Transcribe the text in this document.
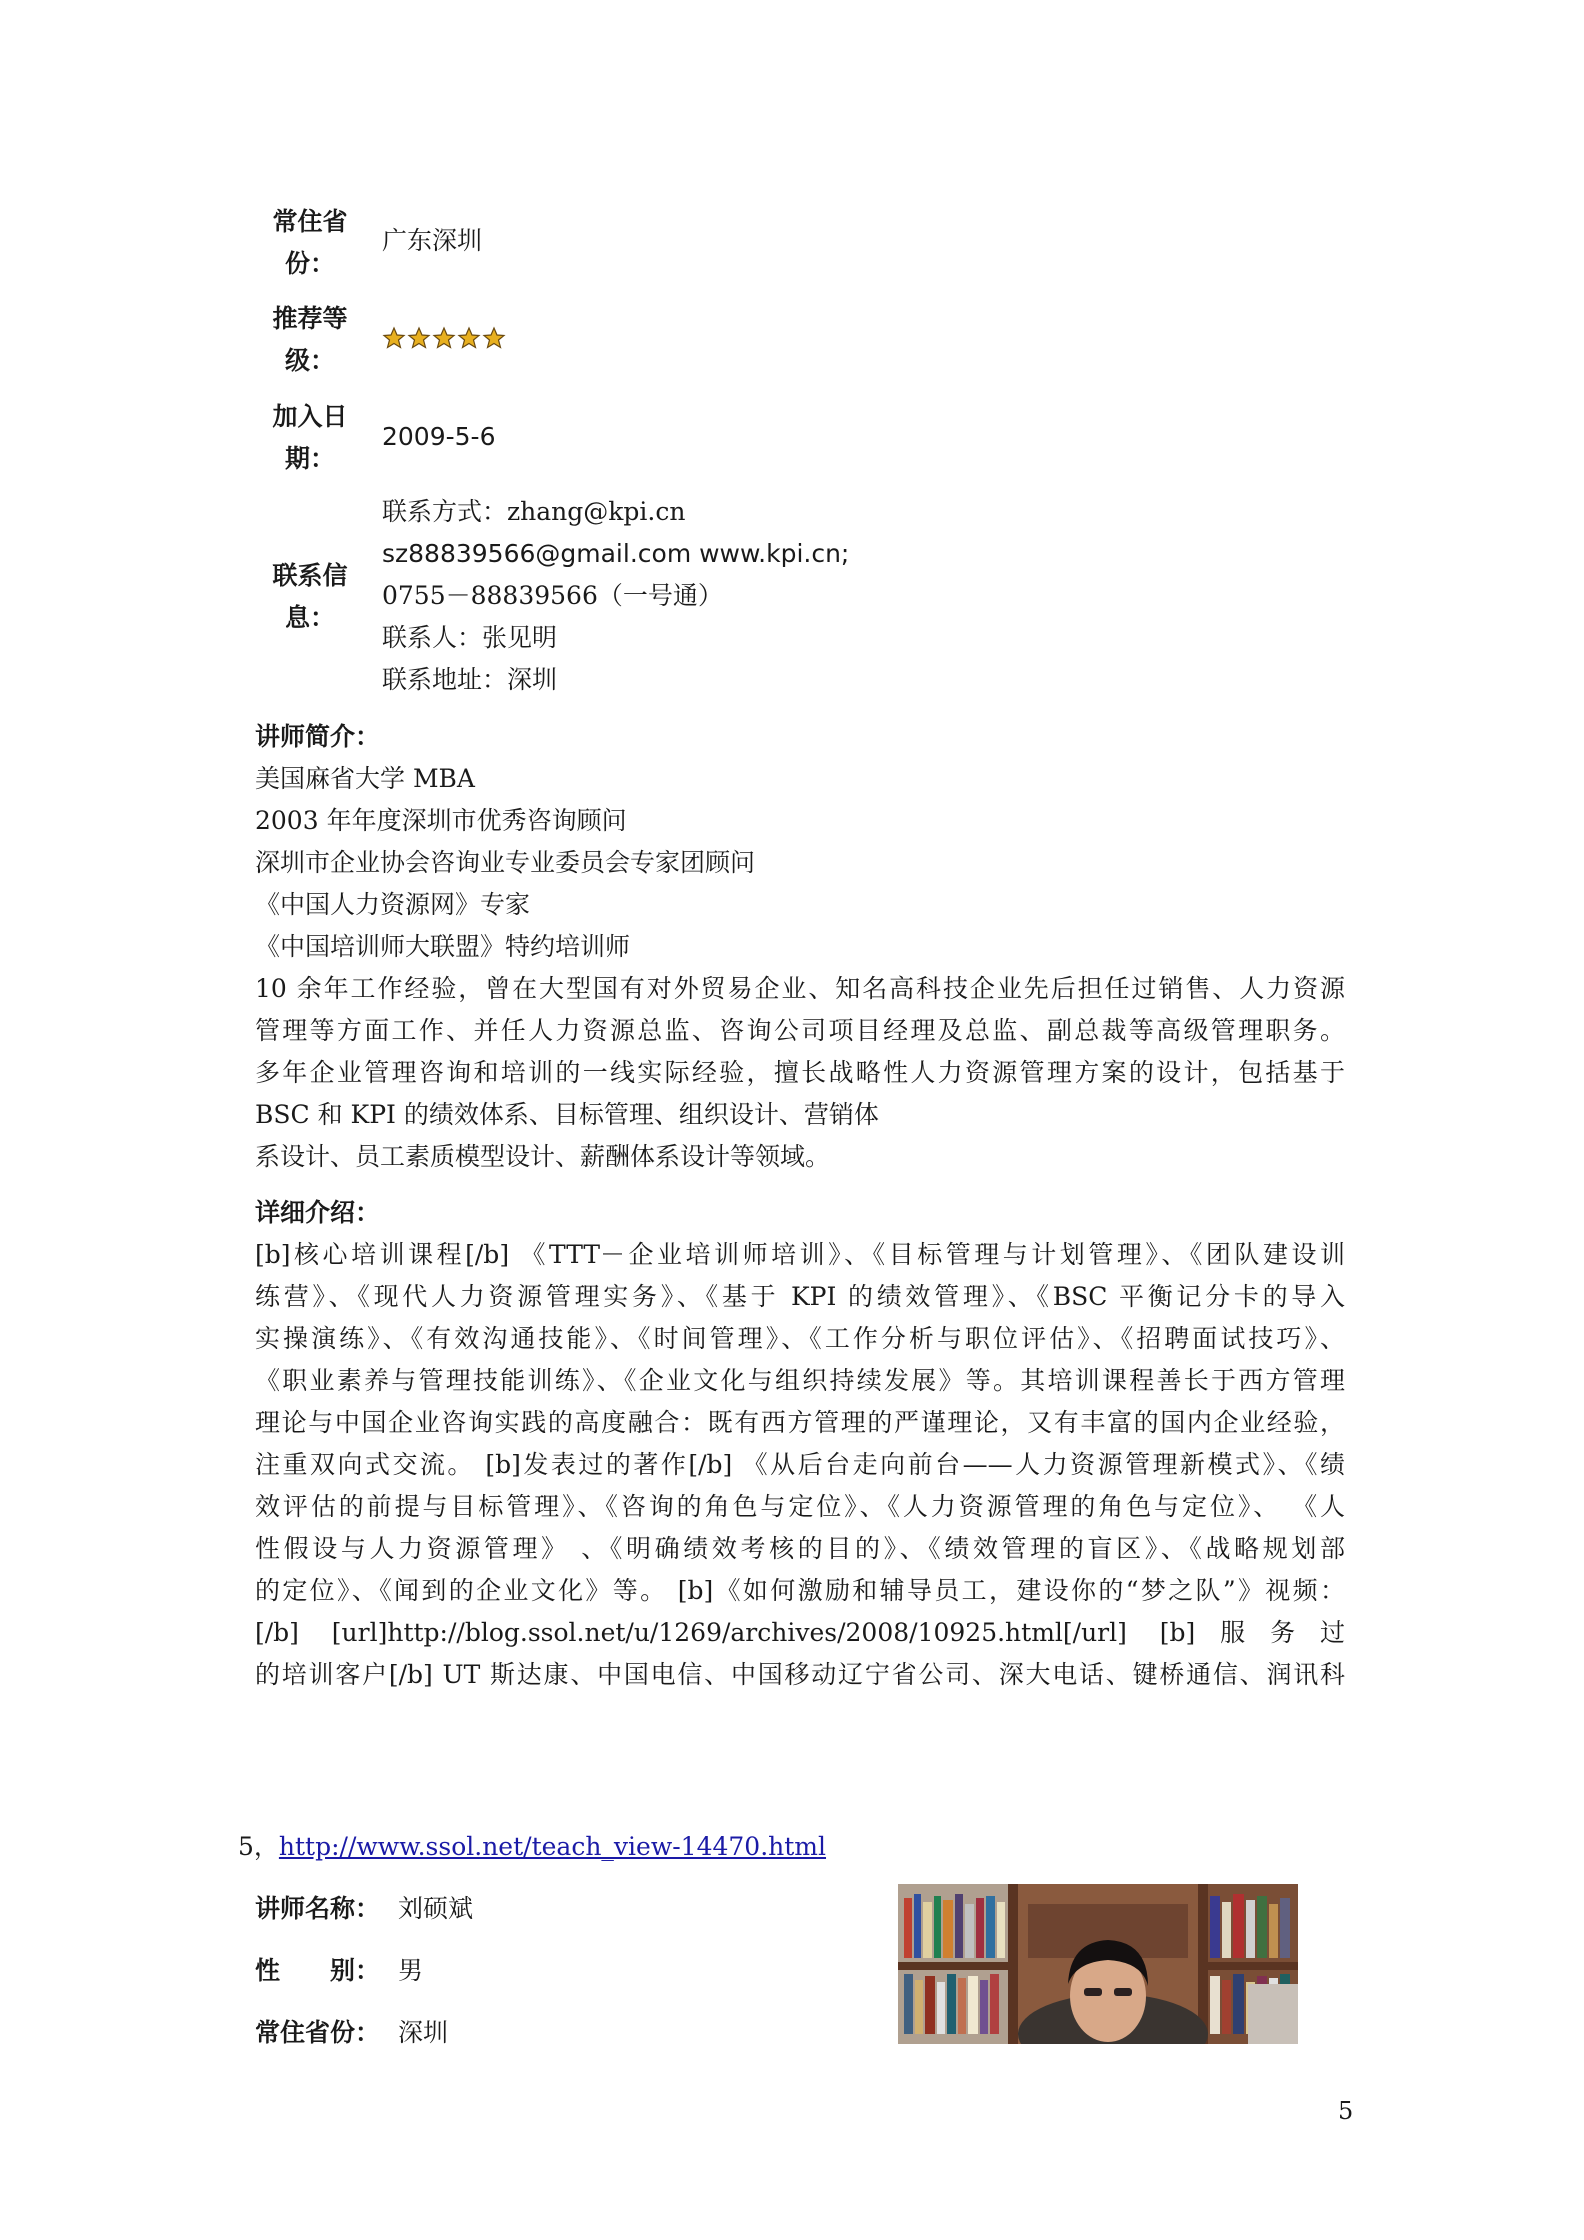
常住省
份：
广东深圳
推荐等
级：
加入日
期：
2009-5-6
联系信
息：
联系方式：zhang@kpi.cn
sz88839566@gmail.com www.kpi.cn;
0755－88839566（一号通）
联系人：张见明
联系地址：深圳
讲师简介：
美国麻省大学 MBA
2003 年年度深圳市优秀咨询顾问
深圳市企业协会咨询业专业委员会专家团顾问
《中国人力资源网》专家
《中国培训师大联盟》特约培训师
10 余年工作经验，曾在大型国有对外贸易企业、知名高科技企业先后担任过销售、人力资源
管理等方面工作、并任人力资源总监、咨询公司项目经理及总监、副总裁等高级管理职务。
多年企业管理咨询和培训的一线实际经验，擅长战略性人力资源管理方案的设计，包括基于
BSC 和 KPI 的绩效体系、目标管理、组织设计、营销体
系设计、员工素质模型设计、薪酬体系设计等领域。
详细介绍：
[b]核心培训课程[/b] 《TTT－企业培训师培训》、《目标管理与计划管理》、《团队建设训
练营》、《现代人力资源管理实务》、《基于 KPI 的绩效管理》、《BSC 平衡记分卡的导入
实操演练》、《有效沟通技能》、《时间管理》、《工作分析与职位评估》、《招聘面试技巧》、
《职业素养与管理技能训练》、《企业文化与组织持续发展》等。其培训课程善长于西方管理
理论与中国企业咨询实践的高度融合：既有西方管理的严谨理论，又有丰富的国内企业经验，
注重双向式交流。 [b]发表过的著作[/b] 《从后台走向前台——人力资源管理新模式》、《绩
效评估的前提与目标管理》、《咨询的角色与定位》、《人力资源管理的角色与定位》、 《人
性假设与人力资源管理》 、《明确绩效考核的目的》、《绩效管理的盲区》、《战略规划部
的定位》、《闻到的企业文化》等。 [b]《如何激励和辅导员工，建设你的“梦之队”》视频：
[/b] [url]http://blog.ssol.net/u/1269/archives/2008/10925.html[/url] [b]服务过
的培训客户[/b] UT 斯达康、中国电信、中国移动辽宁省公司、深大电话、键桥通信、润讯科
5，http://www.ssol.net/teach_view-14470.html
讲师名称： 刘硕斌
性　　别： 男
常住省份： 深圳
5
